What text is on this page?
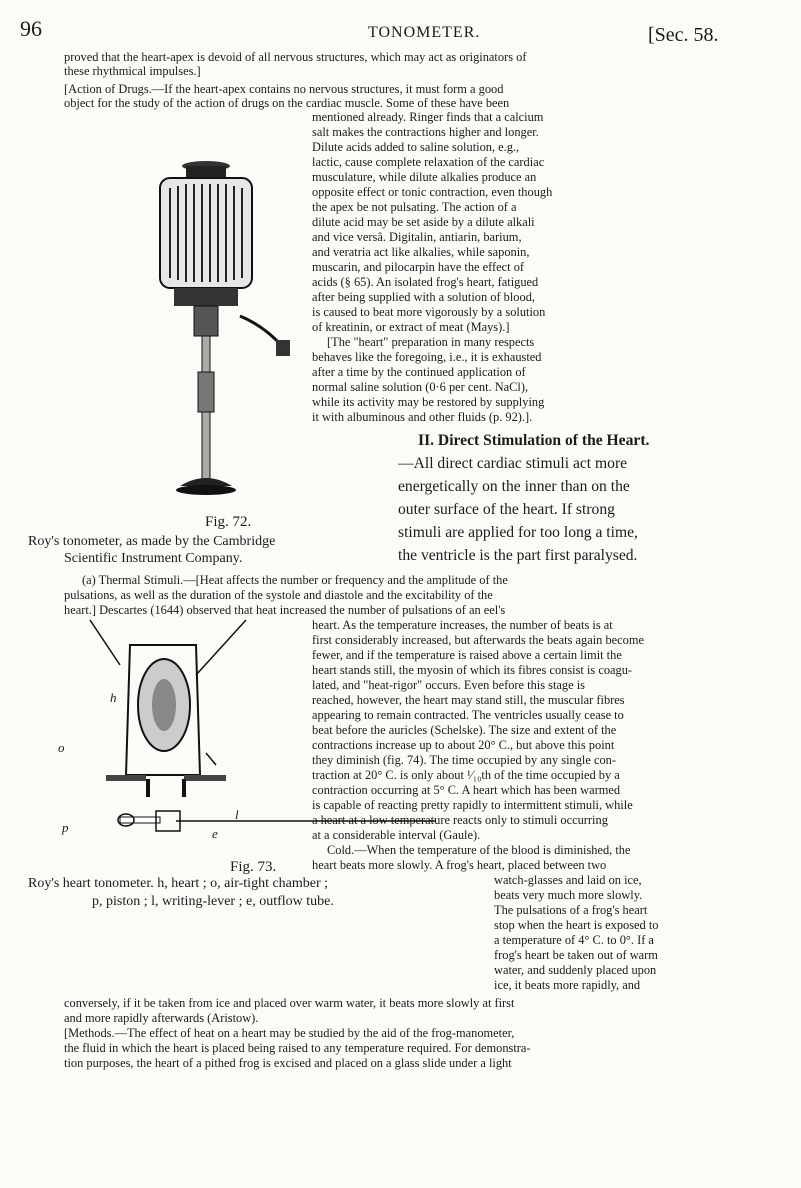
96	TONOMETER.	[Sec. 58.
proved that the heart-apex is devoid of all nervous structures, which may act as originators of
these rhythmical impulses.]
[Action of Drugs.—If the heart-apex contains no nervous structures, it must form a good
object for the study of the action of drugs on the cardiac muscle. Some of these have been
mentioned already. Ringer finds that a calcium
salt makes the contractions higher and longer.
Dilute acids added to saline solution, e.g.,
lactic, cause complete relaxation of the cardiac
musculature, while dilute alkalies produce an
opposite effect or tonic contraction, even though
the apex be not pulsating. The action of a
dilute acid may be set aside by a dilute alkali
and vice versâ. Digitalin, antiarin, barium,
and veratria act like alkalies, while saponin,
muscarin, and pilocarpin have the effect of
acids (§ 65). An isolated frog's heart, fatigued
after being supplied with a solution of blood,
is caused to beat more vigorously by a solution
of kreatinin, or extract of meat (Mays).]
[The "heart" preparation in many respects
behaves like the foregoing, i.e., it is exhausted
after a time by the continued application of
normal saline solution (0·6 per cent. NaCl),
while its activity may be restored by supplying
it with albuminous and other fluids (p. 92).].
II. Direct Stimulation of the Heart.
—All direct cardiac stimuli act more
energetically on the inner than on the
outer surface of the heart. If strong
stimuli are applied for too long a time,
the ventricle is the part first paralysed.
(a) Thermal Stimuli.—[Heat affects the number or frequency and the amplitude of the
pulsations, as well as the duration of the systole and diastole and the excitability of the
heart.] Descartes (1644) observed that heat increased the number of pulsations of an eel's
heart. As the temperature increases, the number of beats is at
first considerably increased, but afterwards the beats again become
fewer, and if the temperature is raised above a certain limit the
heart stands still, the myosin of which its fibres consist is coagu-
lated, and "heat-rigor" occurs. Even before this stage is
reached, however, the heart may stand still, the muscular fibres
appearing to remain contracted. The ventricles usually cease to
beat before the auricles (Schelske). The size and extent of the
contractions increase up to about 20° C., but above this point
they diminish (fig. 74). The time occupied by any single con-
traction at 20° C. is only about ¹⁄₁₀th of the time occupied by a
contraction occurring at 5° C. A heart which has been warmed
is capable of reacting pretty rapidly to intermittent stimuli, while
a heart at a low temperature reacts only to stimuli occurring
at a considerable interval (Gaule).
Cold.—When the temperature of the blood is diminished, the
heart beats more slowly. A frog's heart, placed between two
watch-glasses and laid on ice,
beats very much more slowly.
The pulsations of a frog's heart
stop when the heart is exposed to
a temperature of 4° C. to 0°. If a
frog's heart be taken out of warm
water, and suddenly placed upon
ice, it beats more rapidly, and
conversely, if it be taken from ice and placed over warm water, it beats more slowly at first
and more rapidly afterwards (Aristow).
[Methods.—The effect of heat on a heart may be studied by the aid of the frog-manometer,
the fluid in which the heart is placed being raised to any temperature required. For demonstra-
tion purposes, the heart of a pithed frog is excised and placed on a glass slide under a light
Fig. 72.
Roy's tonometer, as made by the Cambridge
Scientific Instrument Company.
h
o
p	e
l
Fig. 73.
Roy's heart tonometer. h, heart ; o, air-tight chamber ;
p, piston ; l, writing-lever ; e, outflow tube.
